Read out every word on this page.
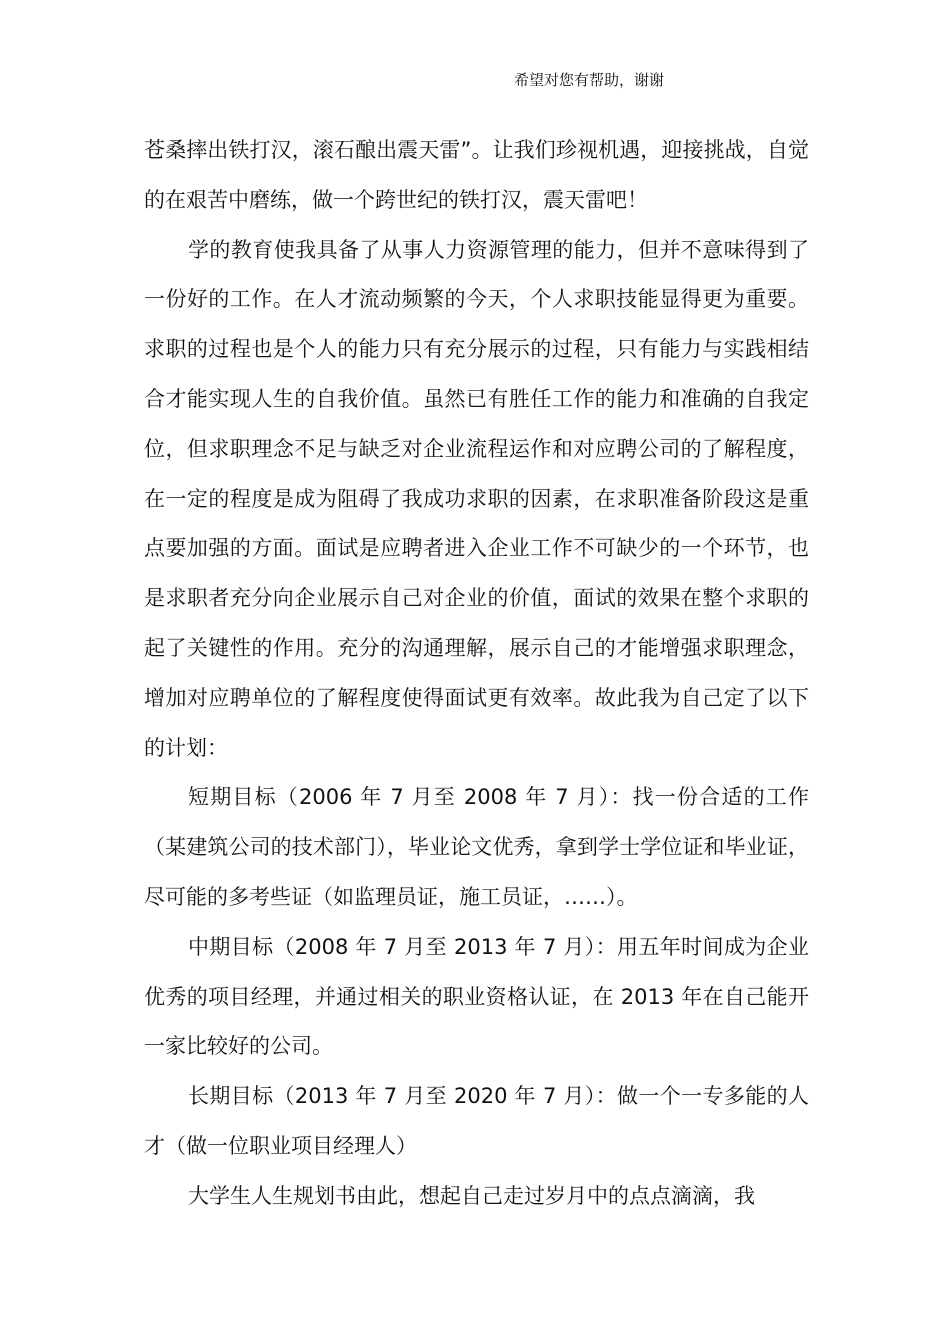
希望对您有帮助，谢谢

苍桑摔出铁打汉，滚石酿出震天雷”。让我们珍视机遇，迎接挑战，自觉的在艰苦中磨练，做一个跨世纪的铁打汉，震天雷吧！

学的教育使我具备了从事人力资源管理的能力，但并不意味得到了一份好的工作。在人才流动频繁的今天，个人求职技能显得更为重要。求职的过程也是个人的能力只有充分展示的过程，只有能力与实践相结合才能实现人生的自我价值。虽然已有胜任工作的能力和准确的自我定位，但求职理念不足与缺乏对企业流程运作和对应聘公司的了解程度，在一定的程度是成为阻碍了我成功求职的因素，在求职准备阶段这是重点要加强的方面。面试是应聘者进入企业工作不可缺少的一个环节，也是求职者充分向企业展示自己对企业的价值，面试的效果在整个求职的起了关键性的作用。充分的沟通理解，展示自己的才能增强求职理念，增加对应聘单位的了解程度使得面试更有效率。故此我为自己定了以下的计划：

短期目标（2006 年 7 月至 2008 年 7 月）：找一份合适的工作（某建筑公司的技术部门），毕业论文优秀，拿到学士学位证和毕业证，尽可能的多考些证（如监理员证，施工员证，……）。

中期目标（2008 年 7 月至 2013 年 7 月）：用五年时间成为企业优秀的项目经理，并通过相关的职业资格认证，在 2013 年在自己能开一家比较好的公司。

长期目标（2013 年 7 月至 2020 年 7 月）：做一个一专多能的人才（做一位职业项目经理人）

大学生人生规划书由此，想起自己走过岁月中的点点滴滴，我
